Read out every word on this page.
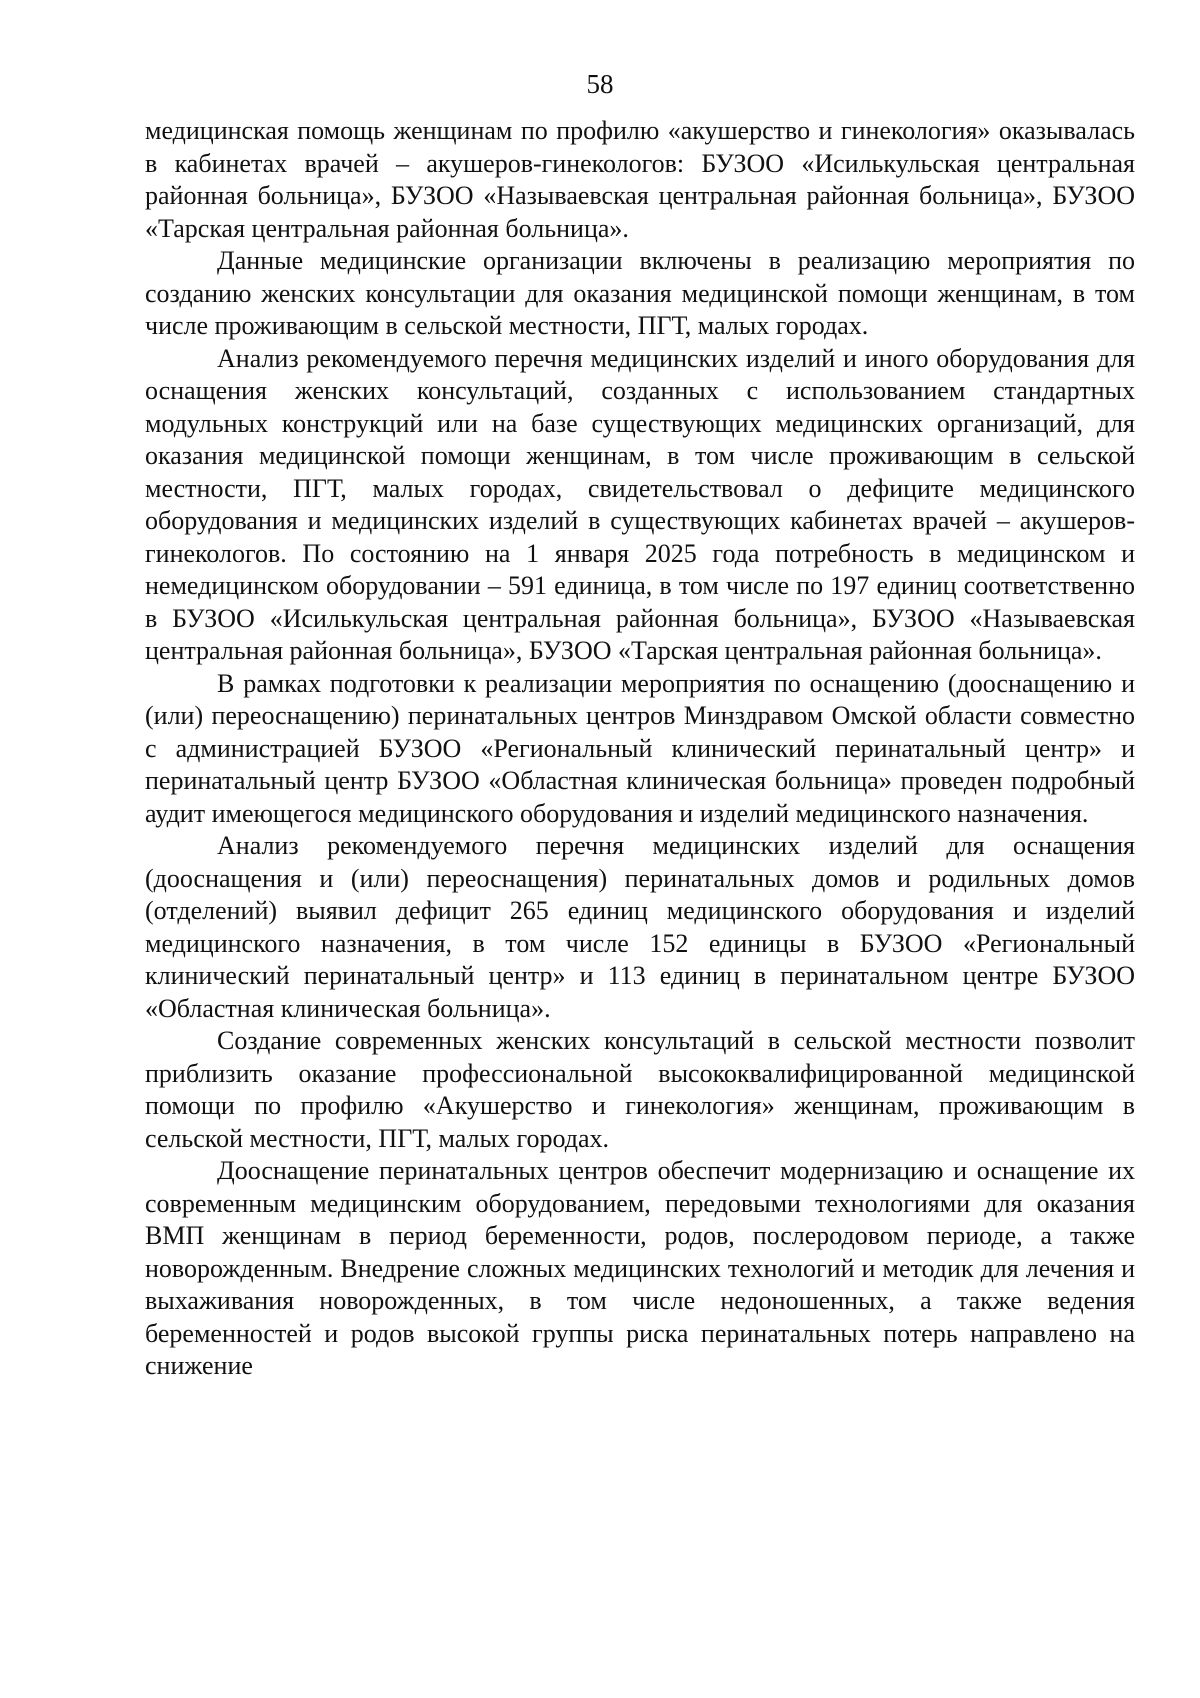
58

медицинская помощь женщинам по профилю «акушерство и гинекология» оказывалась в кабинетах врачей – акушеров-гинекологов: БУЗОО «Исилькульская центральная районная больница», БУЗОО «Называевская центральная районная больница», БУЗОО «Тарская центральная районная больница».

Данные медицинские организации включены в реализацию мероприятия по созданию женских консультации для оказания медицинской помощи женщинам, в том числе проживающим в сельской местности, ПГТ, малых городах.

Анализ рекомендуемого перечня медицинских изделий и иного оборудования для оснащения женских консультаций, созданных с использованием стандартных модульных конструкций или на базе существующих медицинских организаций, для оказания медицинской помощи женщинам, в том числе проживающим в сельской местности, ПГТ, малых городах, свидетельствовал о дефиците медицинского оборудования и медицинских изделий в существующих кабинетах врачей – акушеров-гинекологов. По состоянию на 1 января 2025 года потребность в медицинском и немедицинском оборудовании – 591 единица, в том числе по 197 единиц соответственно в БУЗОО «Исилькульская центральная районная больница», БУЗОО «Называевская центральная районная больница», БУЗОО «Тарская центральная районная больница».

В рамках подготовки к реализации мероприятия по оснащению (дооснащению и (или) переоснащению) перинатальных центров Минздравом Омской области совместно с администрацией БУЗОО «Региональный клинический перинатальный центр» и перинатальный центр БУЗОО «Областная клиническая больница» проведен подробный аудит имеющегося медицинского оборудования и изделий медицинского назначения.

Анализ рекомендуемого перечня медицинских изделий для оснащения (дооснащения и (или) переоснащения) перинатальных домов и родильных домов (отделений) выявил дефицит 265 единиц медицинского оборудования и изделий медицинского назначения, в том числе 152 единицы в БУЗОО «Региональный клинический перинатальный центр» и 113 единиц в перинатальном центре БУЗОО «Областная клиническая больница».

Создание современных женских консультаций в сельской местности позволит приблизить оказание профессиональной высококвалифицированной медицинской помощи по профилю «Акушерство и гинекология» женщинам, проживающим в сельской местности, ПГТ, малых городах.

Дооснащение перинатальных центров обеспечит модернизацию и оснащение их современным медицинским оборудованием, передовыми технологиями для оказания ВМП женщинам в период беременности, родов, послеродовом периоде, а также новорожденным. Внедрение сложных медицинских технологий и методик для лечения и выхаживания новорожденных, в том числе недоношенных, а также ведения беременностей и родов высокой группы риска перинатальных потерь направлено на снижение
